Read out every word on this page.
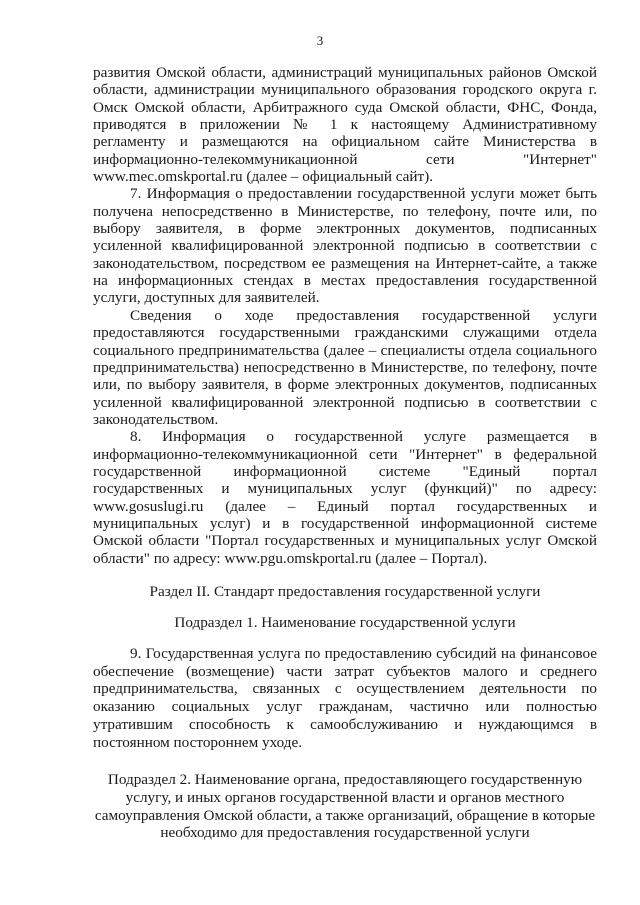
3

развития Омской области, администраций муниципальных районов Омской области, администрации муниципального образования городского округа г. Омск Омской области, Арбитражного суда Омской области, ФНС, Фонда, приводятся в приложении № 1 к настоящему Административному регламенту и размещаются на официальном сайте Министерства в информационно-телекоммуникационной сети "Интернет" www.mec.omskportal.ru (далее – официальный сайт).

7. Информация о предоставлении государственной услуги может быть получена непосредственно в Министерстве, по телефону, почте или, по выбору заявителя, в форме электронных документов, подписанных усиленной квалифицированной электронной подписью в соответствии с законодательством, посредством ее размещения на Интернет-сайте, а также на информационных стендах в местах предоставления государственной услуги, доступных для заявителей.

Сведения о ходе предоставления государственной услуги предоставляются государственными гражданскими служащими отдела социального предпринимательства (далее – специалисты отдела социального предпринимательства) непосредственно в Министерстве, по телефону, почте или, по выбору заявителя, в форме электронных документов, подписанных усиленной квалифицированной электронной подписью в соответствии с законодательством.

8. Информация о государственной услуге размещается в информационно-телекоммуникационной сети "Интернет" в федеральной государственной информационной системе "Единый портал государственных и муниципальных услуг (функций)" по адресу: www.gosuslugi.ru (далее – Единый портал государственных и муниципальных услуг) и в государственной информационной системе Омской области "Портал государственных и муниципальных услуг Омской области" по адресу: www.pgu.omskportal.ru (далее – Портал).

Раздел II. Стандарт предоставления государственной услуги
Подраздел 1. Наименование государственной услуги

9. Государственная услуга по предоставлению субсидий на финансовое обеспечение (возмещение) части затрат субъектов малого и среднего предпринимательства, связанных с осуществлением деятельности по оказанию социальных услуг гражданам, частично или полностью утратившим способность к самообслуживанию и нуждающимся в постоянном постороннем уходе.

Подраздел 2. Наименование органа, предоставляющего государственную услугу, и иных органов государственной власти и органов местного самоуправления Омской области, а также организаций, обращение в которые необходимо для предоставления государственной услуги
